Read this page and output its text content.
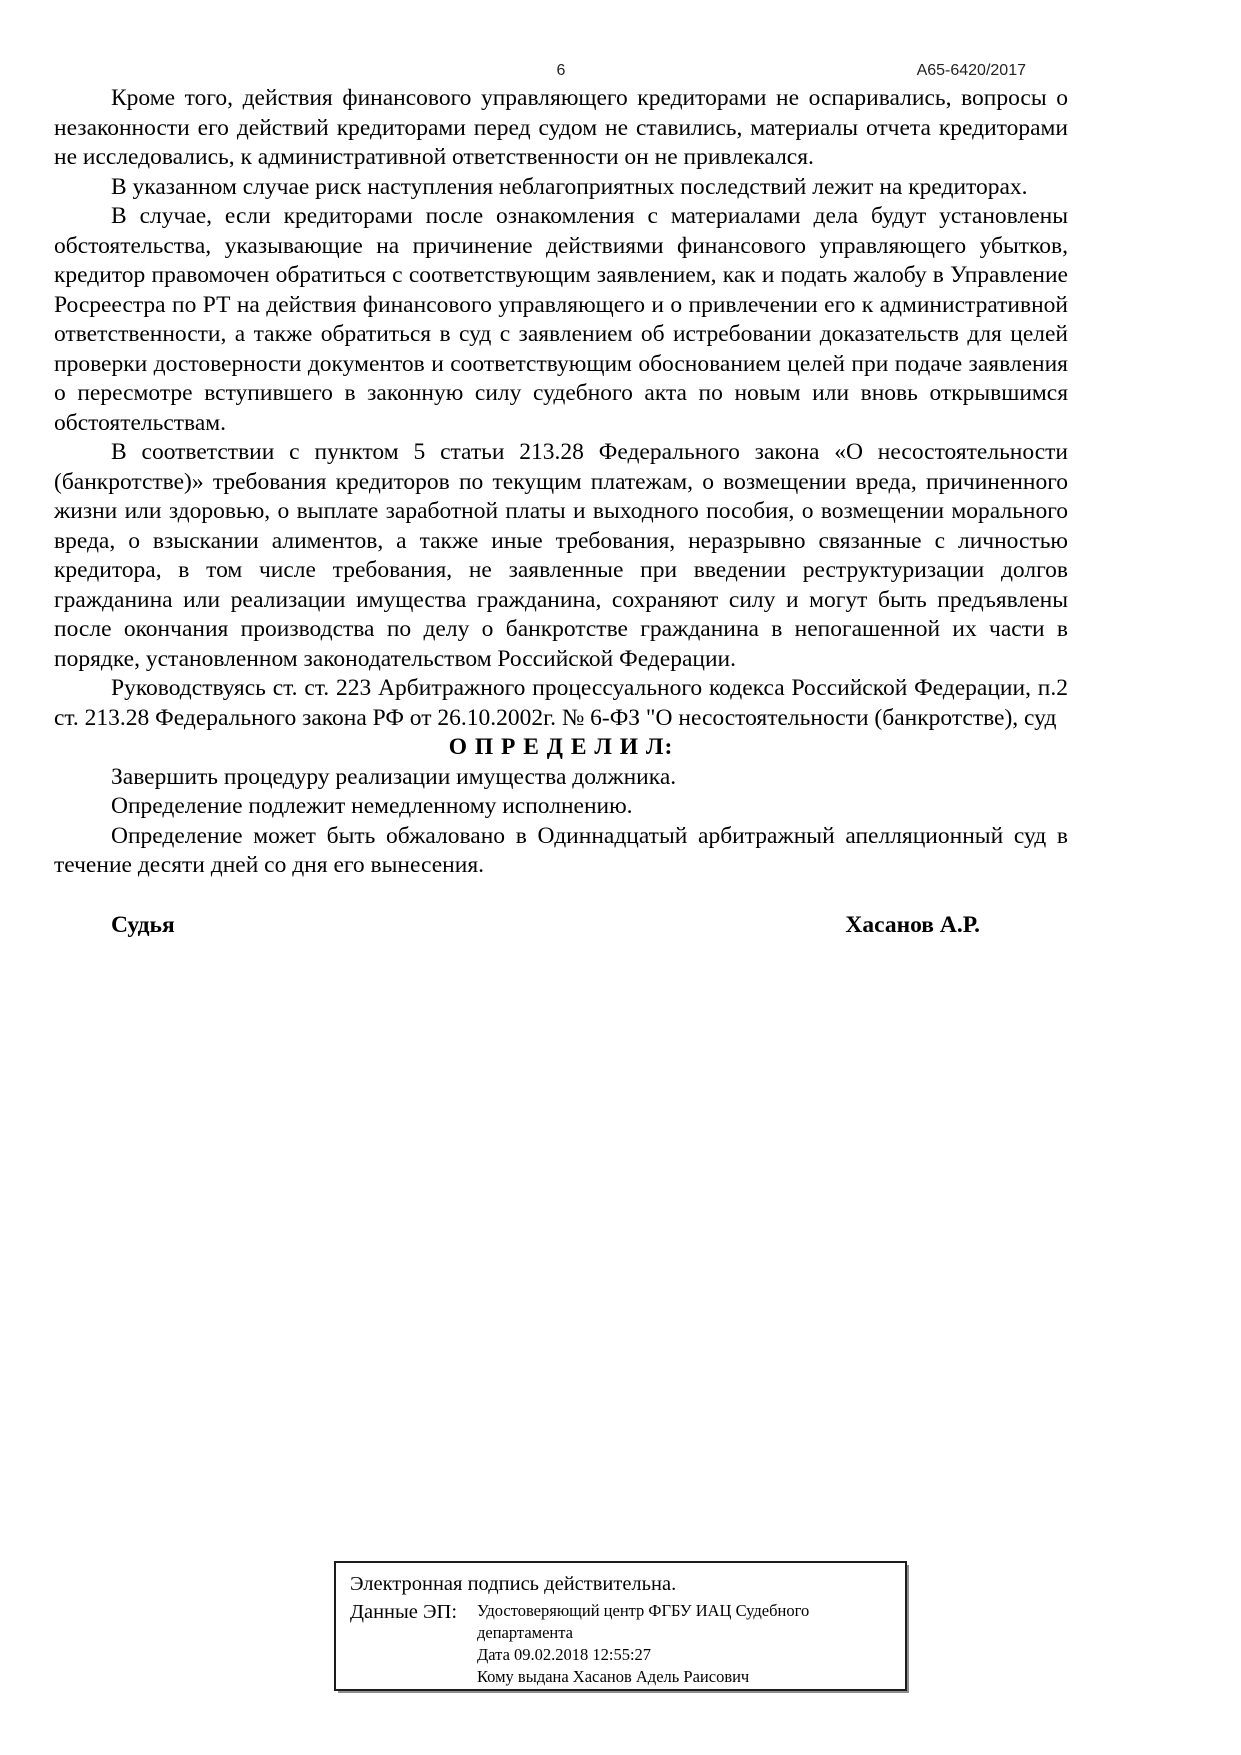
6	А65-6420/2017

Кроме того, действия финансового управляющего кредиторами не оспаривались, вопросы о незаконности его действий кредиторами перед судом не ставились, материалы отчета кредиторами не исследовались, к административной ответственности он не привлекался.

В указанном случае риск наступления неблагоприятных последствий лежит на кредиторах.

В случае, если кредиторами после ознакомления с материалами дела будут установлены обстоятельства, указывающие на причинение действиями финансового управляющего убытков, кредитор правомочен обратиться с соответствующим заявлением, как и подать жалобу в Управление Росреестра по РТ на действия финансового управляющего и о привлечении его к административной ответственности, а также обратиться в суд с заявлением об истребовании доказательств для целей проверки достоверности документов и соответствующим обоснованием целей при подаче заявления о пересмотре вступившего в законную силу судебного акта по новым или вновь открывшимся обстоятельствам.

В соответствии с пунктом 5 статьи 213.28 Федерального закона «О несостоятельности (банкротстве)» требования кредиторов по текущим платежам, о возмещении вреда, причиненного жизни или здоровью, о выплате заработной платы и выходного пособия, о возмещении морального вреда, о взыскании алиментов, а также иные требования, неразрывно связанные с личностью кредитора, в том числе требования, не заявленные при введении реструктуризации долгов гражданина или реализации имущества гражданина, сохраняют силу и могут быть предъявлены после окончания производства по делу о банкротстве гражданина в непогашенной их части в порядке, установленном законодательством Российской Федерации.

Руководствуясь ст. ст. 223 Арбитражного процессуального кодекса Российской Федерации, п.2 ст. 213.28 Федерального закона РФ от 26.10.2002г. № 6-ФЗ "О несостоятельности (банкротстве), суд

О П Р Е Д Е Л И Л:

Завершить процедуру реализации имущества должника.

Определение подлежит немедленному исполнению.

Определение может быть обжаловано в Одиннадцатый арбитражный апелляционный суд в течение десяти дней со дня его вынесения.

Судья	Хасанов А.Р.
Электронная подпись действительна.
Данные ЭП:	Удостоверяющий центр ФГБУ ИАЦ Судебного департамента
Дата 09.02.2018 12:55:27
Кому выдана Хасанов Адель Раисович
